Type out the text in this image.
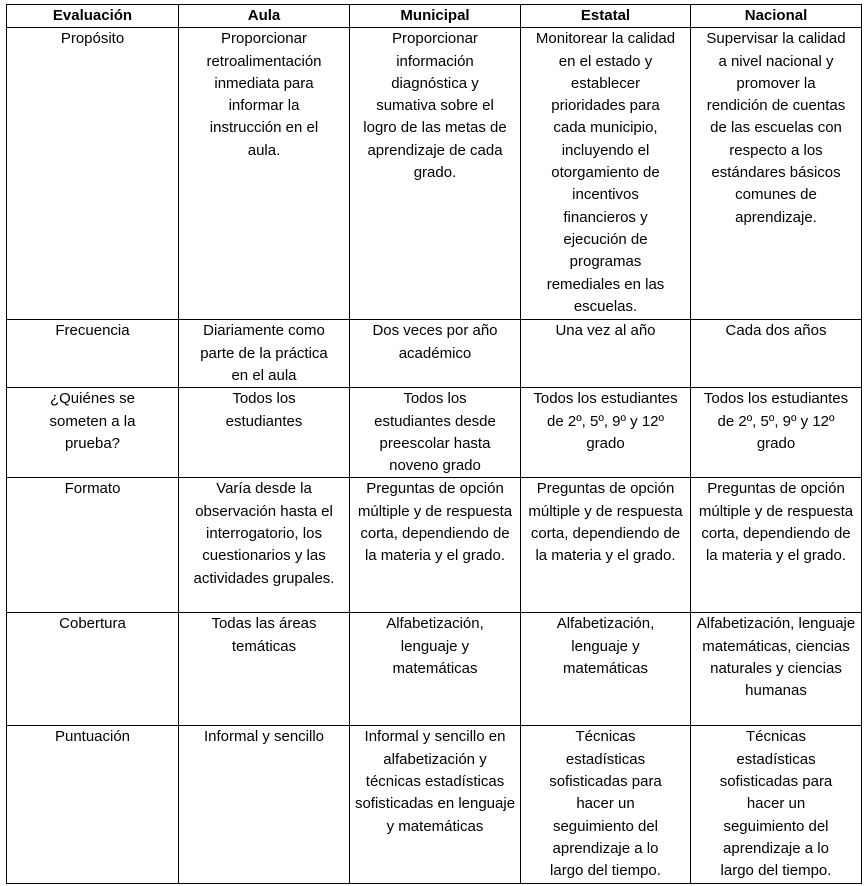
Evaluación	Aula	Municipal	Estatal	Nacional
Propósito	Proporcionar retroalimentación inmediata para informar la instrucción en el aula.	Proporcionar información diagnóstica y sumativa sobre el logro de las metas de aprendizaje de cada grado.	Monitorear la calidad en el estado y establecer prioridades para cada municipio, incluyendo el otorgamiento de incentivos financieros y ejecución de programas remediales en las escuelas.	Supervisar la calidad a nivel nacional y promover la rendición de cuentas de las escuelas con respecto a los estándares básicos comunes de aprendizaje.
Frecuencia	Diariamente como parte de la práctica en el aula	Dos veces por año académico	Una vez al año	Cada dos años
¿Quiénes se someten a la prueba?	Todos los estudiantes	Todos los estudiantes desde preescolar hasta noveno grado	Todos los estudiantes de 2º, 5º, 9º y 12º grado	Todos los estudiantes de 2º, 5º, 9º y 12º grado
Formato	Varía desde la observación hasta el interrogatorio, los cuestionarios y las actividades grupales.	Preguntas de opción múltiple y de respuesta corta, dependiendo de la materia y el grado.	Preguntas de opción múltiple y de respuesta corta, dependiendo de la materia y el grado.	Preguntas de opción múltiple y de respuesta corta, dependiendo de la materia y el grado.
Cobertura	Todas las áreas temáticas	Alfabetización, lenguaje y matemáticas	Alfabetización, lenguaje y matemáticas	Alfabetización, lenguaje matemáticas, ciencias naturales y ciencias humanas
Puntuación	Informal y sencillo	Informal y sencillo en alfabetización y técnicas estadísticas sofisticadas en lenguaje y matemáticas	Técnicas estadísticas sofisticadas para hacer un seguimiento del aprendizaje a lo largo del tiempo.	Técnicas estadísticas sofisticadas para hacer un seguimiento del aprendizaje a lo largo del tiempo.
